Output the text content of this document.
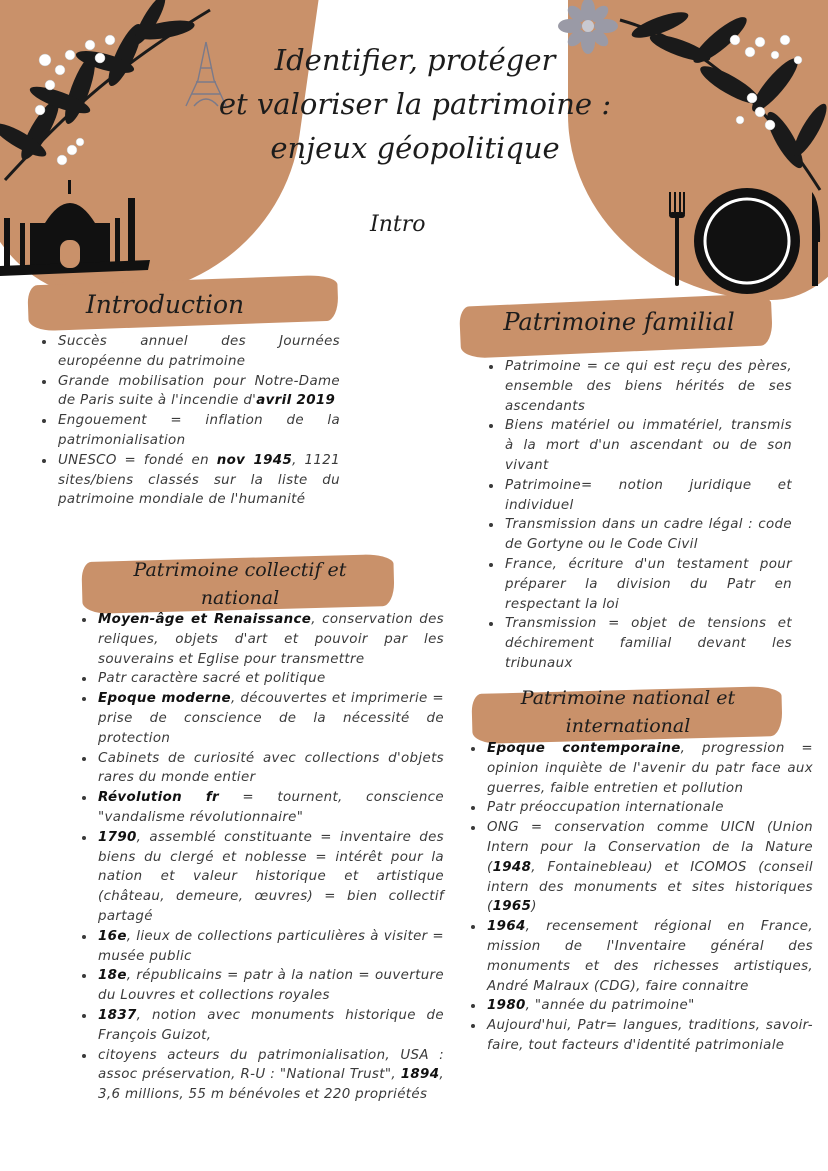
Identifier, protéger
et valoriser la patrimoine :
enjeux géopolitique
Intro
Introduction
• Succès annuel des Journées européenne du patrimoine
• Grande mobilisation pour Notre-Dame de Paris suite à l'incendie d'avril 2019
• Engouement = inflation de la patrimonialisation
• UNESCO = fondé en nov 1945, 1121 sites/biens classés sur la liste du patrimoine mondiale de l'humanité
Patrimoine collectif et national
• Moyen-âge et Renaissance, conservation des reliques, objets d'art et pouvoir par les souverains et Eglise pour transmettre
• Patr caractère sacré et politique
• Epoque moderne, découvertes et imprimerie = prise de conscience de la nécessité de protection
• Cabinets de curiosité avec collections d'objets rares du monde entier
• Révolution fr = tournent, conscience "vandalisme révolutionnaire"
• 1790, assemblé constituante = inventaire des biens du clergé et noblesse = intérêt pour la nation et valeur historique et artistique (château, demeure, œuvres) = bien collectif partagé
• 16e, lieux de collections particulières à visiter = musée public
• 18e, républicains = patr à la nation = ouverture du Louvres et collections royales
• 1837, notion avec monuments historique de François Guizot,
• citoyens acteurs du patrimonialisation, USA : assoc préservation, R-U : "National Trust", 1894, 3,6 millions, 55 m bénévoles et 220 propriétés
Patrimoine familial
• Patrimoine = ce qui est reçu des pères, ensemble des biens hérités de ses ascendants
• Biens matériel ou immatériel, transmis à la mort d'un ascendant ou de son vivant
• Patrimoine= notion juridique et individuel
• Transmission dans un cadre légal : code de Gortyne ou le Code Civil
• France, écriture d'un testament pour préparer la division du Patr en respectant la loi
• Transmission = objet de tensions et déchirement familial devant les tribunaux
Patrimoine national et international
• Epoque contemporaine, progression = opinion inquiète de l'avenir du patr face aux guerres, faible entretien et pollution
• Patr préoccupation internationale
• ONG = conservation comme UICN (Union Intern pour la Conservation de la Nature (1948, Fontainebleau) et ICOMOS (conseil intern des monuments et sites historiques (1965)
• 1964, recensement régional en France, mission de l'Inventaire général des monuments et des richesses artistiques, André Malraux (CDG), faire connaitre
• 1980, "année du patrimoine"
• Aujourd'hui, Patr= langues, traditions, savoir-faire, tout facteurs d'identité patrimoniale
